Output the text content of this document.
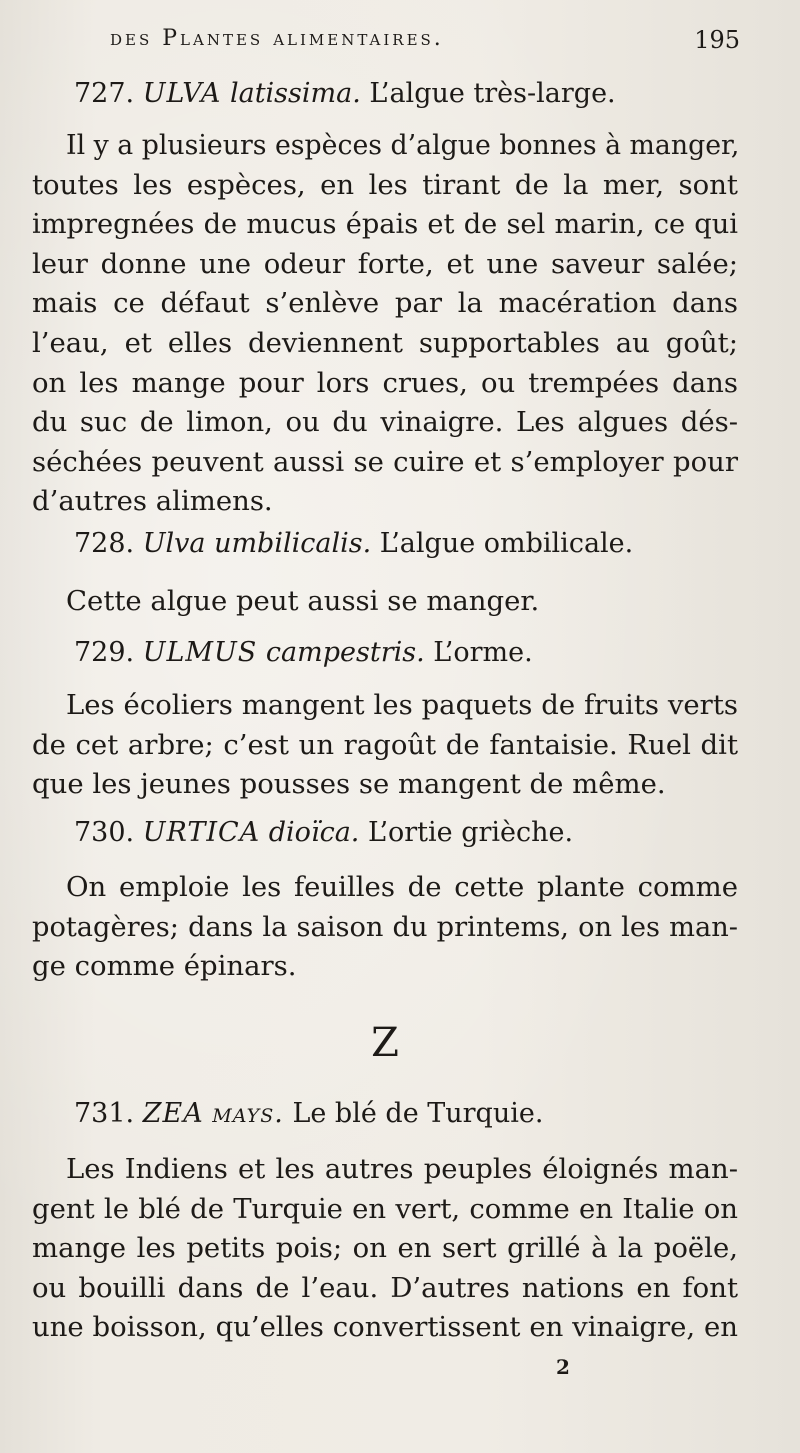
des Plantes alimentaires.	195
727. ULVA latissima. L’algue très-large.
Il y a plusieurs espèces d’algue bonnes à manger,
toutes les espèces, en les tirant de la mer, sont
impregnées de mucus épais et de sel marin, ce qui
leur donne une odeur forte, et une saveur salée;
mais ce défaut s’enlève par la macération dans
l’eau, et elles deviennent supportables au goût;
on les mange pour lors crues, ou trempées dans
du suc de limon, ou du vinaigre. Les algues dés-
séchées peuvent aussi se cuire et s’employer pour
d’autres alimens.
728. Ulva umbilicalis. L’algue ombilicale.
Cette algue peut aussi se manger.
729. ULMUS campestris. L’orme.
Les écoliers mangent les paquets de fruits verts
de cet arbre; c’est un ragoût de fantaisie. Ruel dit
que les jeunes pousses se mangent de même.
730. URTICA dioïca. L’ortie grièche.
On emploie les feuilles de cette plante comme
potagères; dans la saison du printems, on les man-
ge comme épinars.
Z
731. ZEA mays. Le blé de Turquie.
Les Indiens et les autres peuples éloignés man-
gent le blé de Turquie en vert, comme en Italie on
mange les petits pois; on en sert grillé à la poële,
ou bouilli dans de l’eau. D’autres nations en font
une boisson, qu’elles convertissent en vinaigre, en
2
